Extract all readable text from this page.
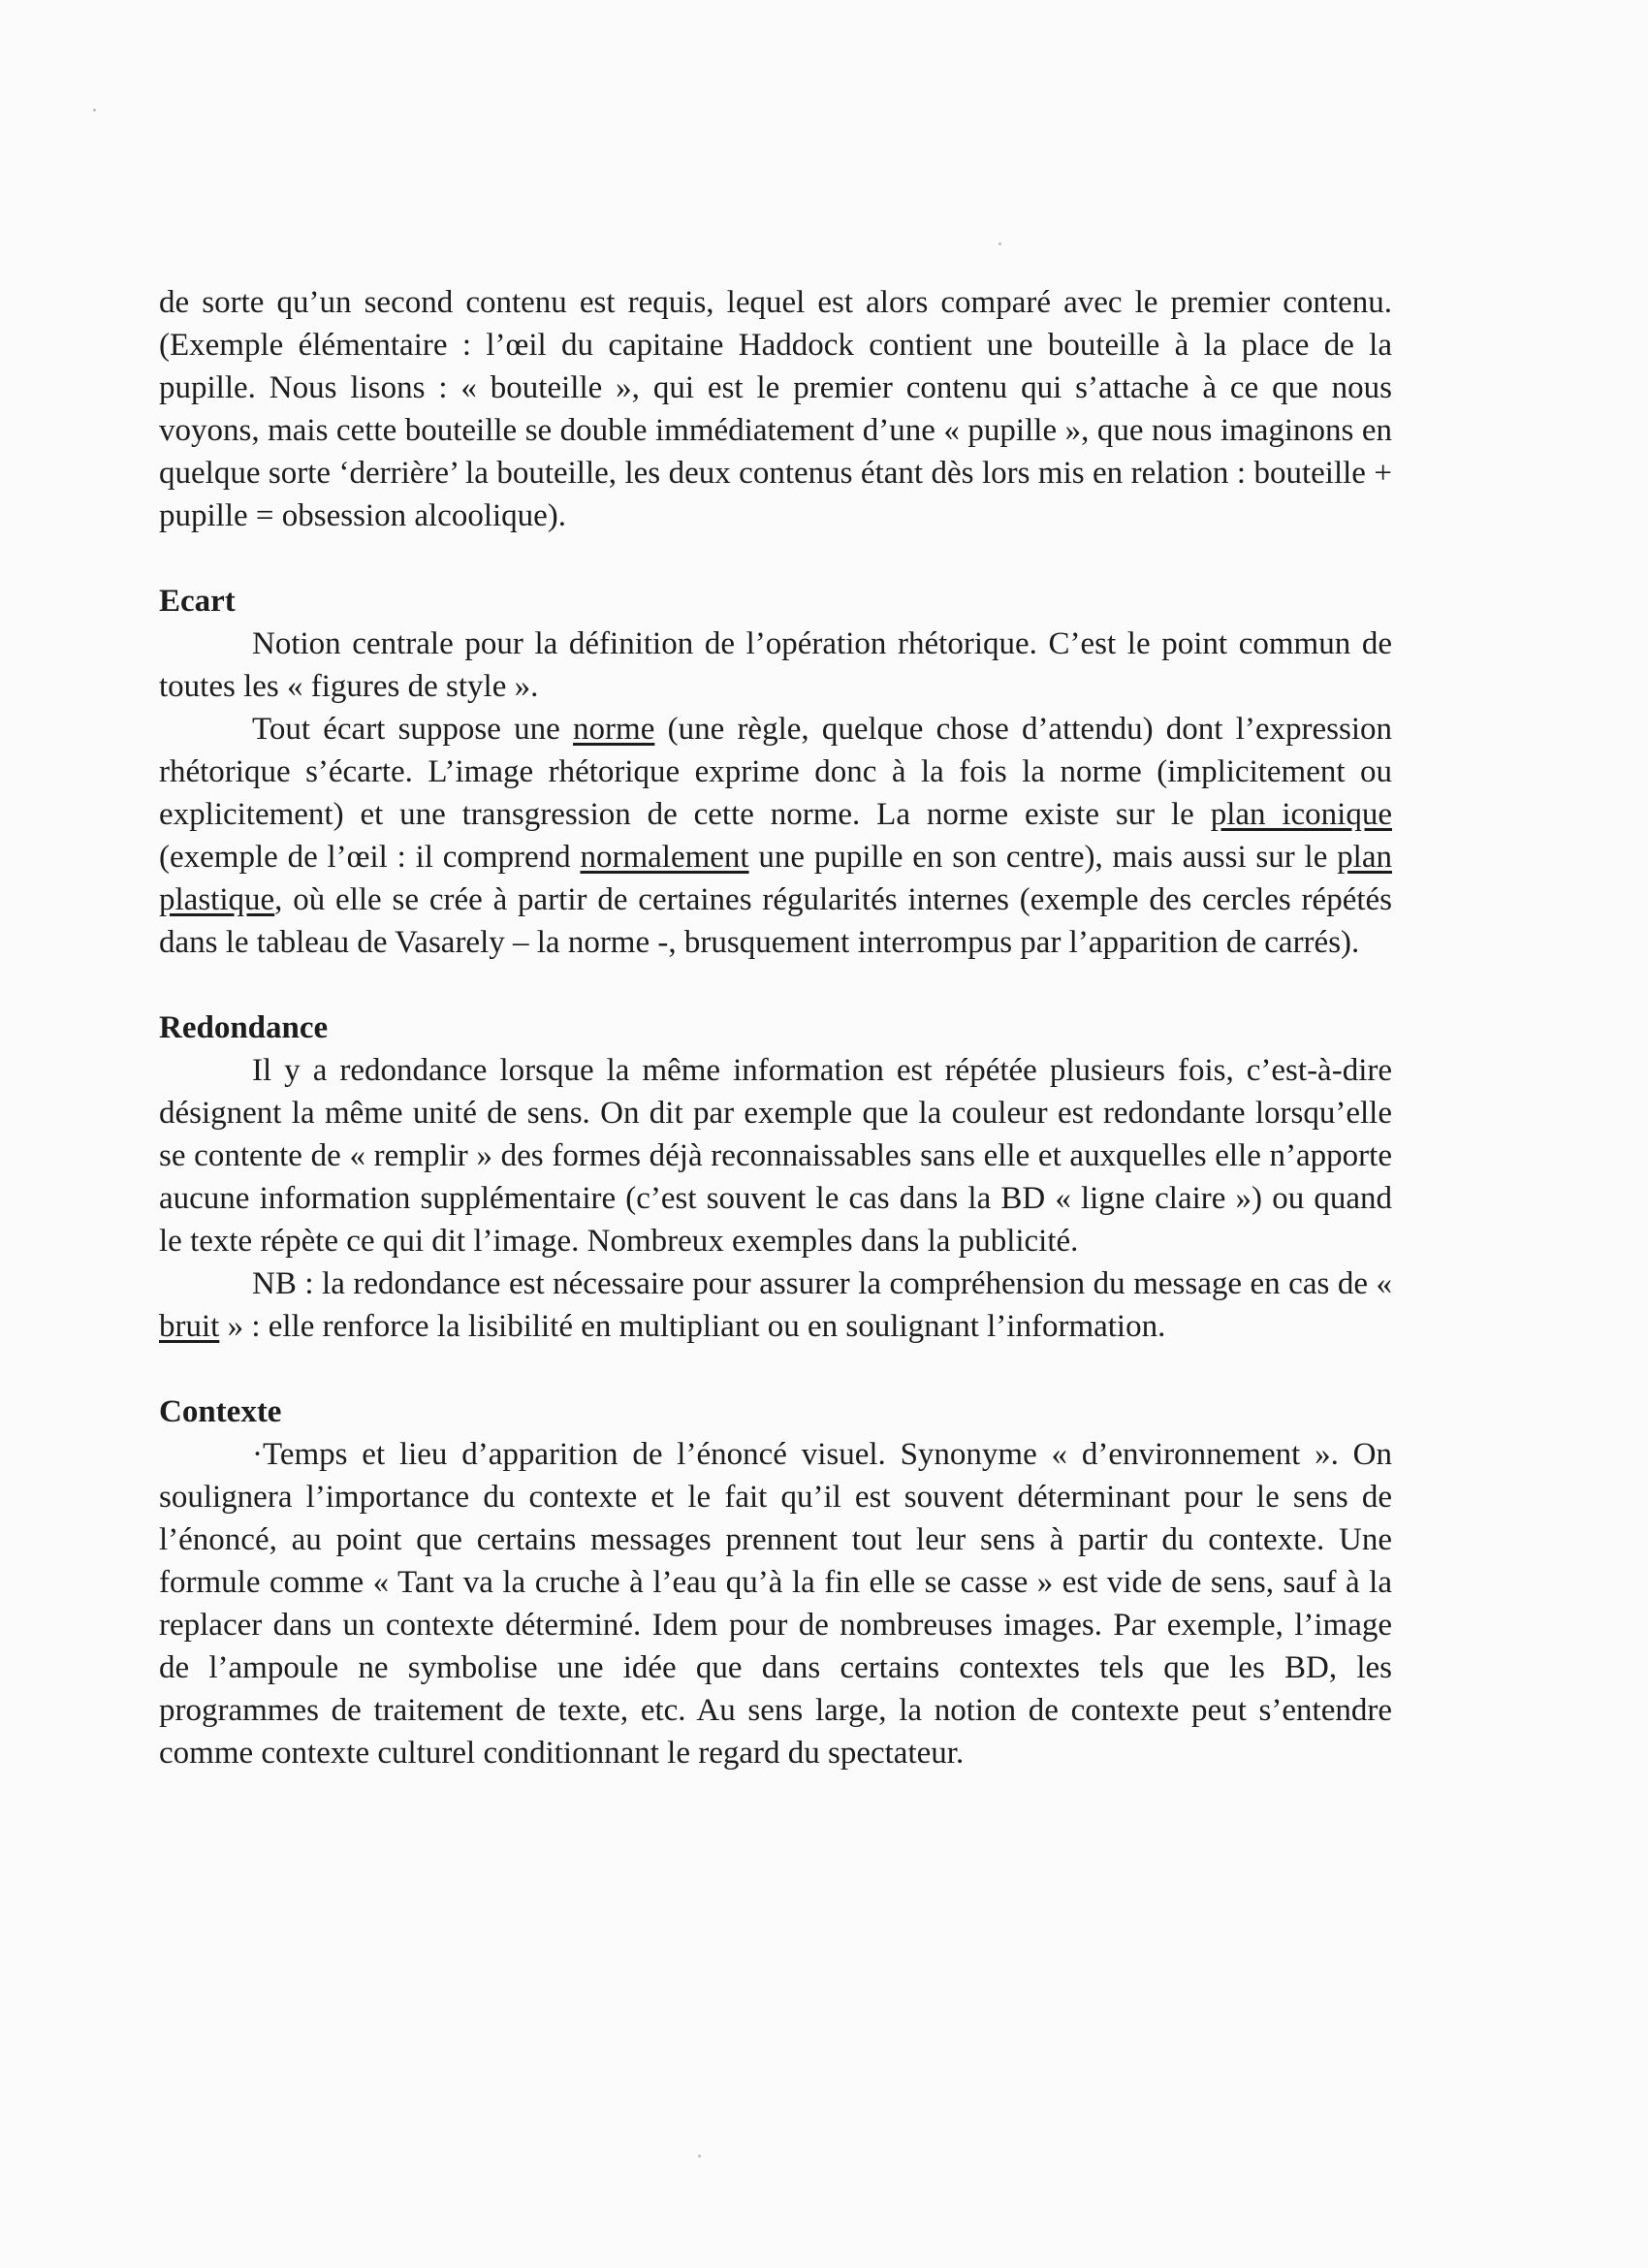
de sorte qu’un second contenu est requis, lequel est alors comparé avec le premier contenu. (Exemple élémentaire : l’œil du capitaine Haddock contient une bouteille à la place de la pupille. Nous lisons : « bouteille », qui est le premier contenu qui s’attache à ce que nous voyons, mais cette bouteille se double immédiatement d’une « pupille », que nous imaginons en quelque sorte ‘derrière’ la bouteille, les deux contenus étant dès lors mis en relation : bouteille + pupille = obsession alcoolique).

Ecart

Notion centrale pour la définition de l’opération rhétorique. C’est le point commun de toutes les « figures de style ».

Tout écart suppose une norme (une règle, quelque chose d’attendu) dont l’expression rhétorique s’écarte. L’image rhétorique exprime donc à la fois la norme (implicitement ou explicitement) et une transgression de cette norme. La norme existe sur le plan iconique (exemple de l’œil : il comprend normalement une pupille en son centre), mais aussi sur le plan plastique, où elle se crée à partir de certaines régularités internes (exemple des cercles répétés dans le tableau de Vasarely – la norme -, brusquement interrompus par l’apparition de carrés).

Redondance

Il y a redondance lorsque la même information est répétée plusieurs fois, c’est-à-dire désignent la même unité de sens. On dit par exemple que la couleur est redondante lorsqu’elle se contente de « remplir » des formes déjà reconnaissables sans elle et auxquelles elle n’apporte aucune information supplémentaire (c’est souvent le cas dans la BD « ligne claire ») ou quand le texte répète ce qui dit l’image. Nombreux exemples dans la publicité.

NB : la redondance est nécessaire pour assurer la compréhension du message en cas de « bruit » : elle renforce la lisibilité en multipliant ou en soulignant l’information.

Contexte

·Temps et lieu d’apparition de l’énoncé visuel. Synonyme « d’environnement ». On soulignera l’importance du contexte et le fait qu’il est souvent déterminant pour le sens de l’énoncé, au point que certains messages prennent tout leur sens à partir du contexte. Une formule comme « Tant va la cruche à l’eau qu’à la fin elle se casse » est vide de sens, sauf à la replacer dans un contexte déterminé. Idem pour de nombreuses images. Par exemple, l’image de l’ampoule ne symbolise une idée que dans certains contextes tels que les BD, les programmes de traitement de texte, etc. Au sens large, la notion de contexte peut s’entendre comme contexte culturel conditionnant le regard du spectateur.
